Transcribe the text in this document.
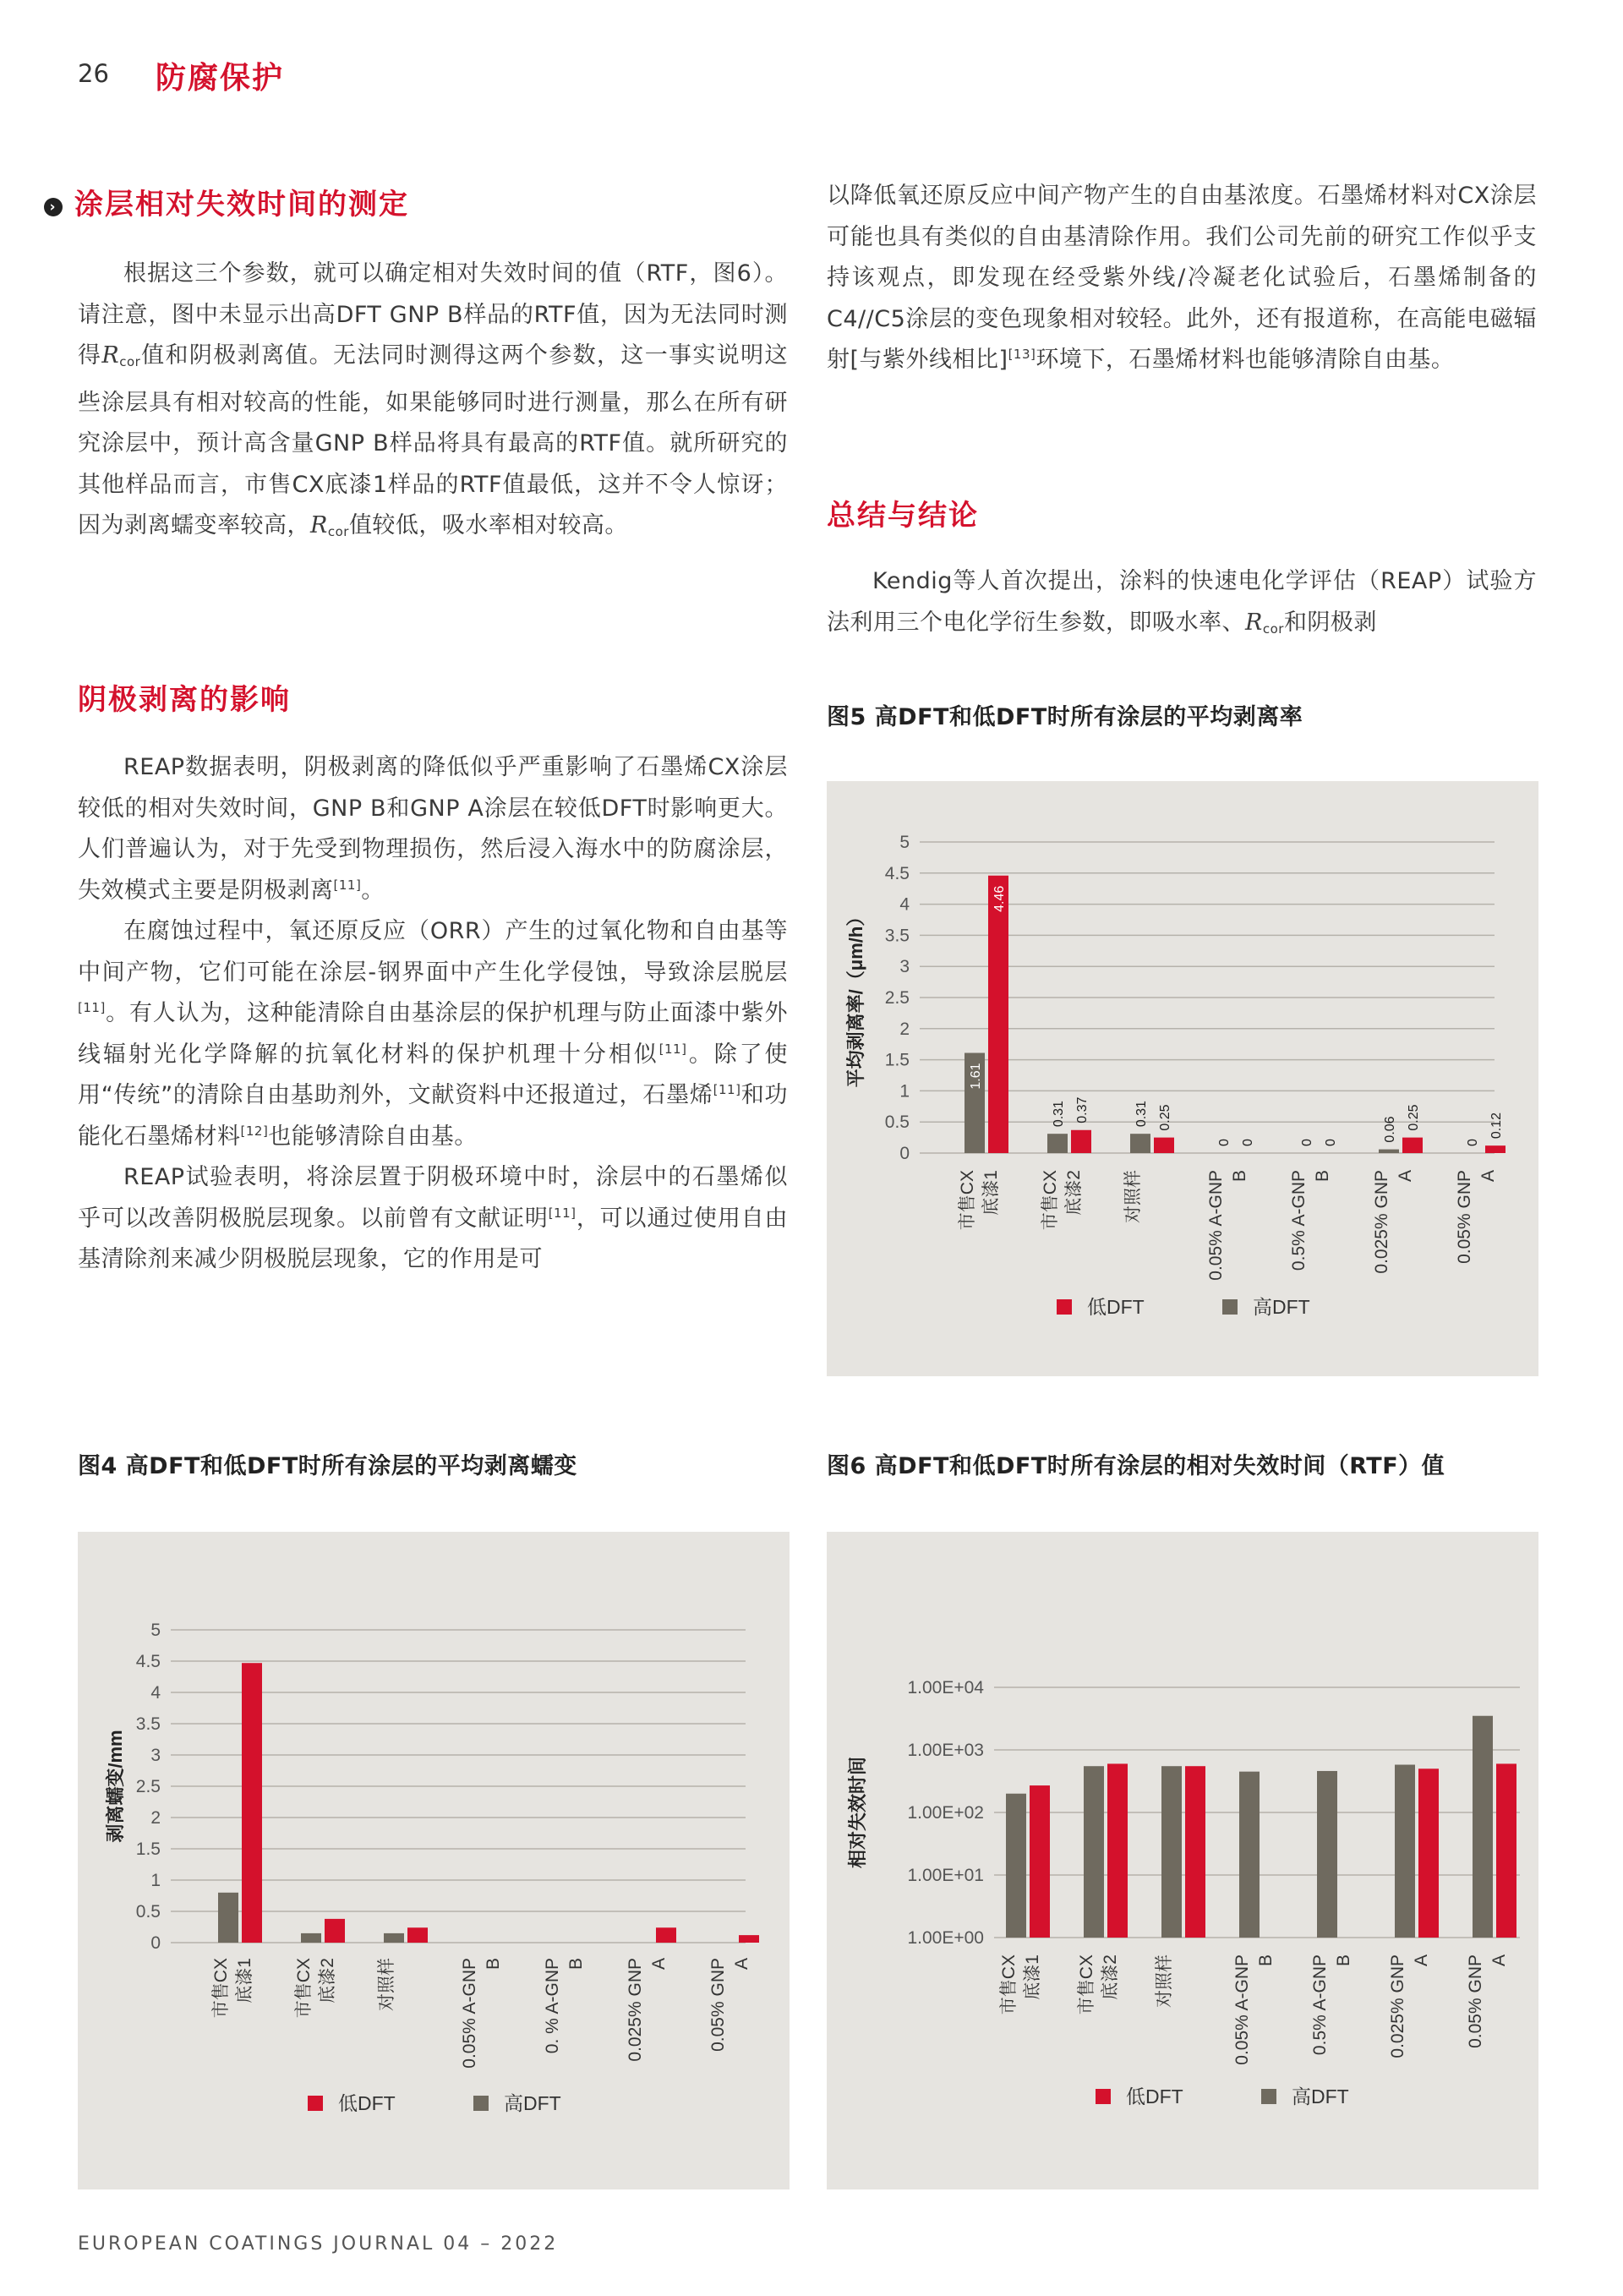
26 防腐保护
› 涂层相对失效时间的测定

根据这三个参数，就可以确定相对失效时间的值（RTF，图6）。请注意，图中未显示出高DFT GNP B样品的RTF值，因为无法同时测得$R_{cor}$值和阴极剥离值。无法同时测得这两个参数，这一事实说明这些涂层具有相对较高的性能，如果能够同时进行测量，那么在所有研究涂层中，预计高含量GNP B样品将具有最高的RTF值。就所研究的其他样品而言，市售CX底漆1样品的RTF值最低，这并不令人惊讶；因为剥离蠕变率较高，$R_{cor}$值较低，吸水率相对较高。

阴极剥离的影响

REAP数据表明，阴极剥离的降低似乎严重影响了石墨烯CX涂层较低的相对失效时间，GNP B和GNP A涂层在较低DFT时影响更大。人们普遍认为，对于先受到物理损伤，然后浸入海水中的防腐涂层，失效模式主要是阴极剥离[11]。

在腐蚀过程中，氧还原反应（ORR）产生的过氧化物和自由基等中间产物，它们可能在涂层-钢界面中产生化学侵蚀，导致涂层脱层[11]。有人认为，这种能清除自由基涂层的保护机理与防止面漆中紫外线辐射光化学降解的抗氧化材料的保护机理十分相似[11]。除了使用“传统”的清除自由基助剂外，文献资料中还报道过，石墨烯[11]和功能化石墨烯材料[12]也能够清除自由基。

REAP试验表明，将涂层置于阴极环境中时，涂层中的石墨烯似乎可以改善阴极脱层现象。以前曾有文献证明[11]，可以通过使用自由基清除剂来减少阴极脱层现象，它的作用是可

以降低氧还原反应中间产物产生的自由基浓度。石墨烯材料对CX涂层可能也具有类似的自由基清除作用。我们公司先前的研究工作似乎支持该观点，即发现在经受紫外线/冷凝老化试验后，石墨烯制备的C4//C5涂层的变色现象相对较轻。此外，还有报道称，在高能电磁辐射[与紫外线相比][13]环境下，石墨烯材料也能够清除自由基。

总结与结论

Kendig等人首次提出，涂料的快速电化学评估（REAP）试验方法利用三个电化学衍生参数，即吸水率、$R_{cor}$和阴极剥

图5 高DFT和低DFT时所有涂层的平均剥离率
图4 高DFT和低DFT时所有涂层的平均剥离蠕变	图6 高DFT和低DFT时所有涂层的相对失效时间（RTF）值
0
0.5
1
1.5
2
2.5
3
3.5
4
4.5
5
平均剥离率/（μm/h）	1.61
4.46
市售CX 底漆1
0.31 0.37
市售CX 底漆2
0.31 0.25
对照样
0 0
0.05% A-GNP B
0 0
0.5% A-GNP B
0.06 0.25
0.025% GNP A
0
0.12
0.05% GNP A
低DFT	高DFT
0
0.5
1
1.5
2
2.5
3
3.5
4
4.5
5
剥离蠕变/mm
市售CX 底漆1 市售CX 底漆2 对照样	0.05% A-GNP B 0. % A-GNP B 0.025% GNP A 0.05% GNP A
低DFT	高DFT
1.00E+00
1.00E+01
1.00E+02
1.00E+03
1.00E+04
相对失效时间
市售CX 底漆1 市售CX 底漆2 对照样	0.05% A-GNP B 0.5% A-GNP B 0.025% GNP A 0.05% GNP A
低DFT	高DFT
EUROPEAN COATINGS JOURNAL 04 – 2022
